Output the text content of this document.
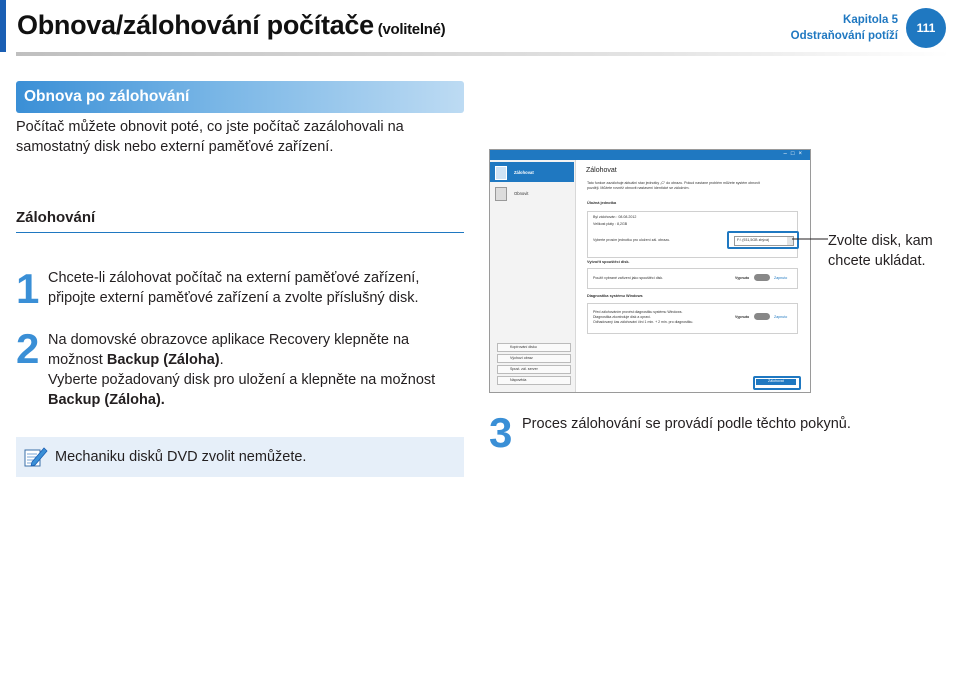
Obnova/zálohování počítače (volitelné)
Kapitola 5
Odstraňování potíží
111
Obnova po zálohování
Počítač můžete obnovit poté, co jste počítač zazálohovali na
samostatný disk nebo externí paměťové zařízení.
Zálohování
1 Chcete-li zálohovat počítač na externí paměťové zařízení,
připojte externí paměťové zařízení a zvolte příslušný disk.
2 Na domovské obrazovce aplikace Recovery klepněte na
možnost Backup (Záloha).
Vyberte požadovaný disk pro uložení a klepněte na možnost
Backup (Záloha).
Mechaniku disků DVD zvolit nemůžete.
–□×
Zálohovat
Obnovit
Kopírování disku
Výchozí obraz
Spust. zál. server
Nápověda
Zálohovat
Tato funkce zazálohuje aktuální stav jednotky „C“ do obrazu. Pokud nastane problém můžete systém obnovit
později. Můžete rovněž obnovit nastavení identické se záložním.
Úložná jednotka
Byl zálohován : 08.08.2012
Velikost pláty : 8,2GB
Vyberte prosím jednotku pro uložení zál. obrazu.	F:\ (931,5GB zbývá)
Vytvořit spouštěcí disk.
Použít vybrané zařízení jako spouštěcí disk.	Vypnuto	Zapnuto
Diagnostika systému Windows
Před zálohováním provést diagnostiku systému Windows.
Diagnostika zkontroluje disk a opraví.
Odhadovaný čas zálohování činí 1 min. + 2 min. pro diagnostiku.
Vypnuto	Zapnuto
Zálohovat
Zvolte disk, kam
chcete ukládat.
3 Proces zálohování se provádí podle těchto pokynů.
